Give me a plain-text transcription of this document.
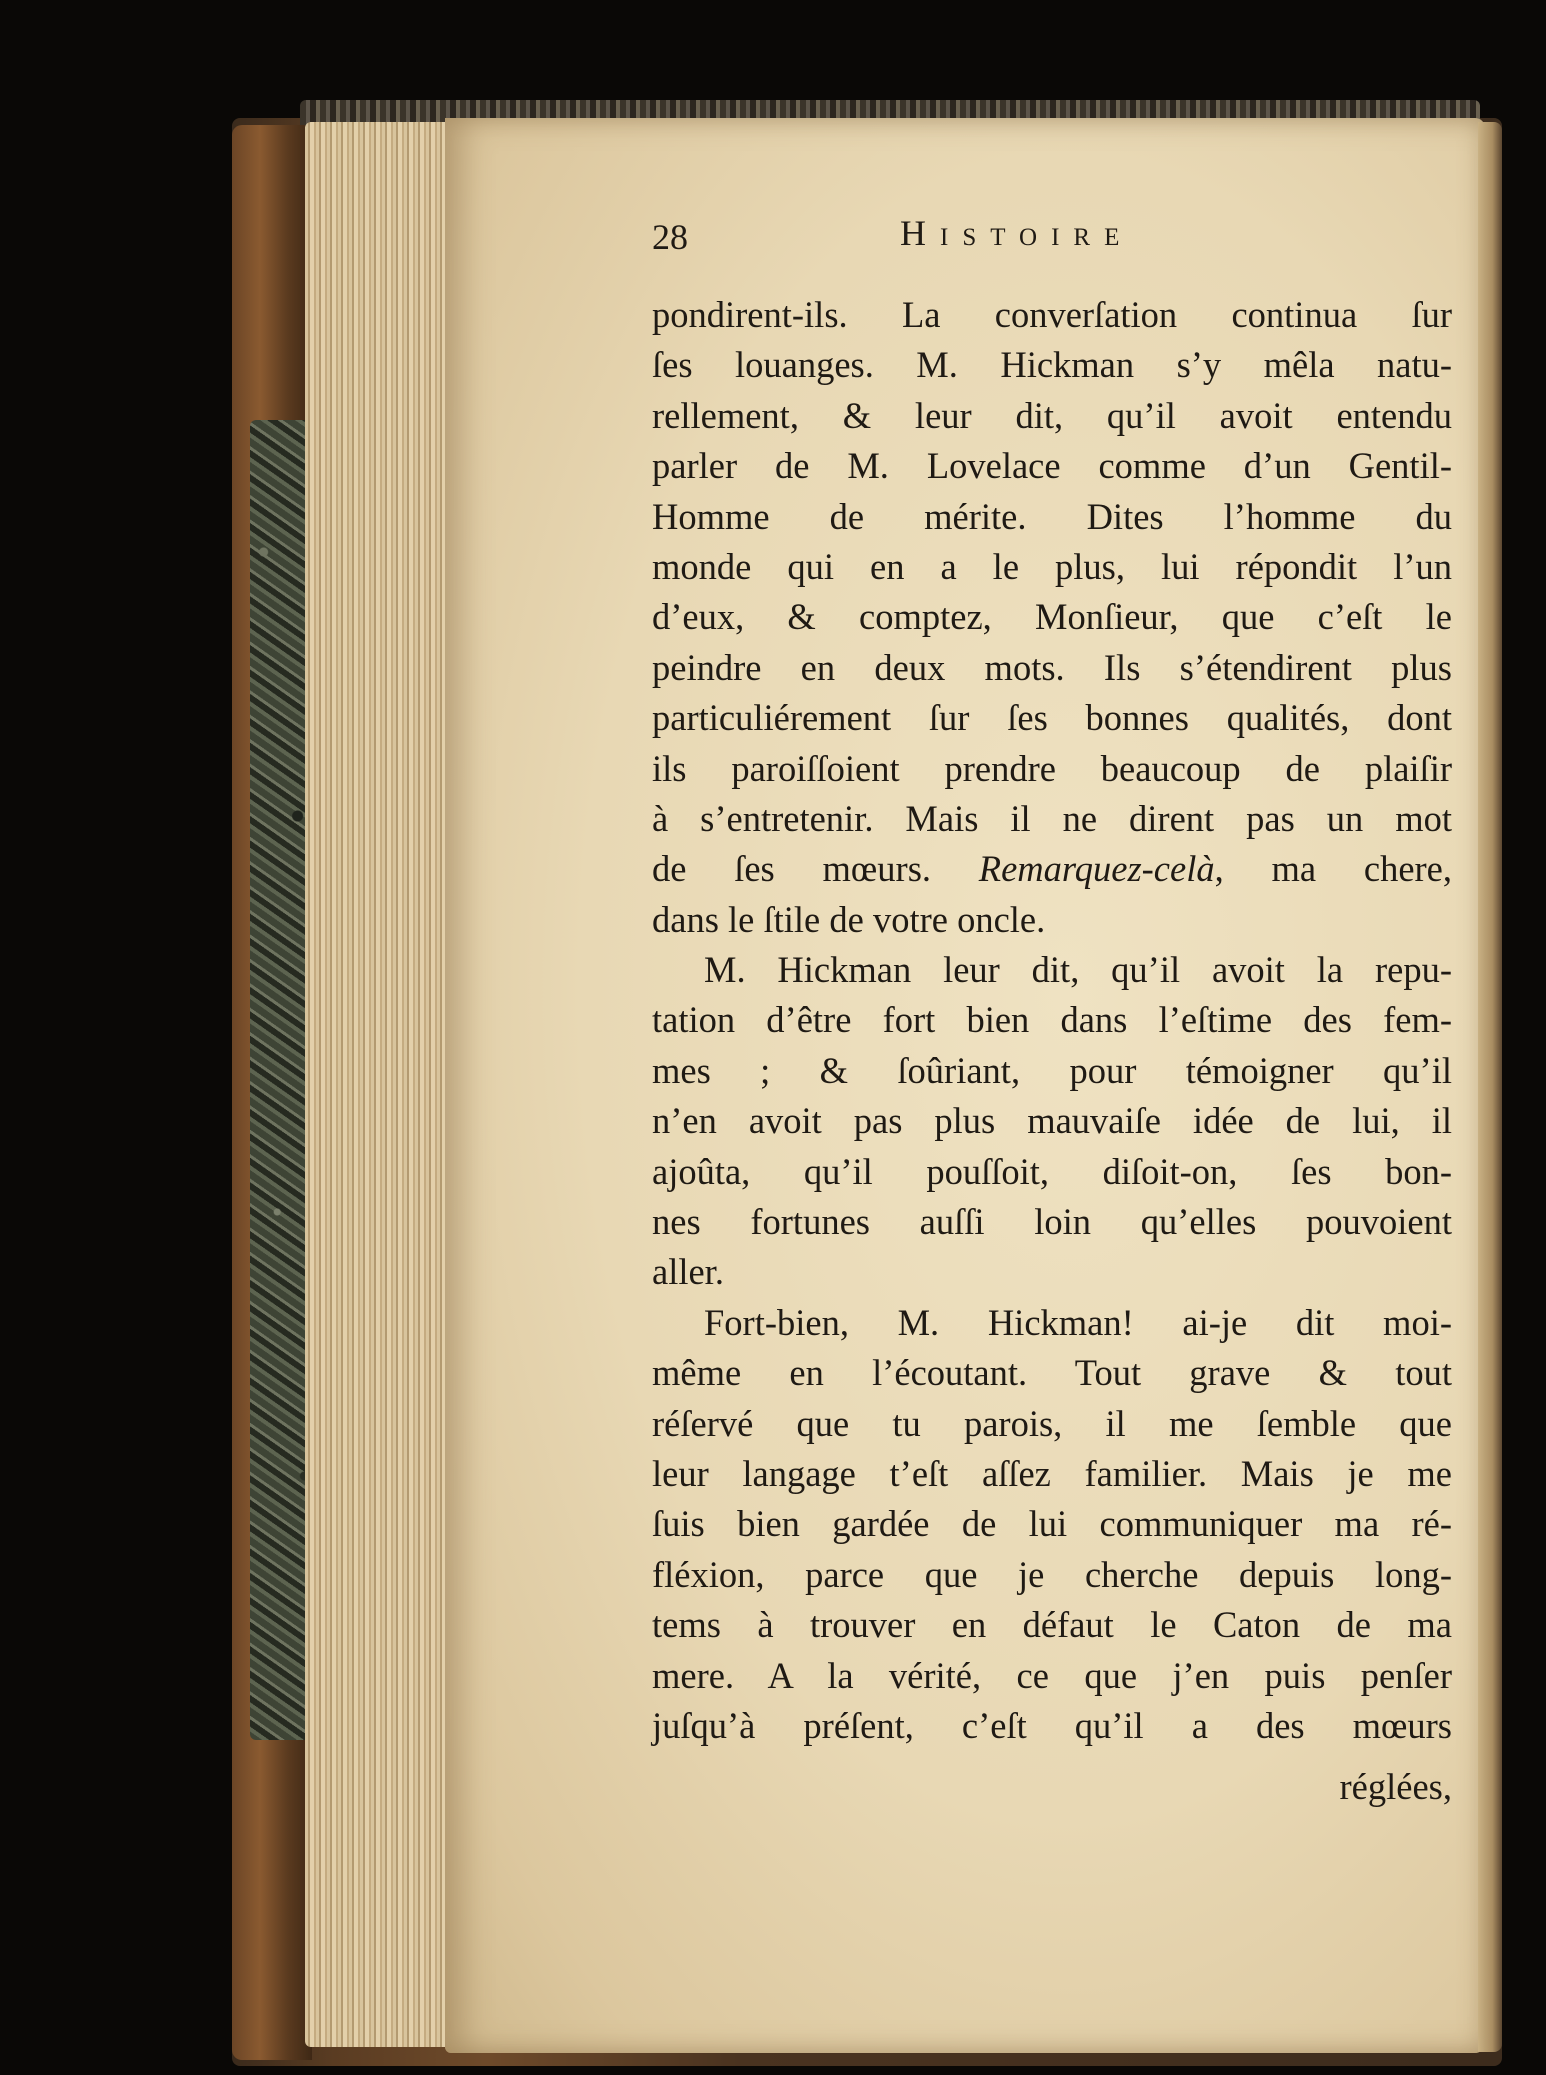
28	Histoire
pondirent-ils. La converſation continua ſur
ſes louanges. M. Hickman s’y mêla natu-
rellement, & leur dit, qu’il avoit entendu
parler de M. Lovelace comme d’un Gentil-
Homme de mérite. Dites l’homme du
monde qui en a le plus, lui répondit l’un
d’eux, & comptez, Monſieur, que c’eſt le
peindre en deux mots. Ils s’étendirent plus
particuliérement ſur ſes bonnes qualités, dont
ils paroiſſoient prendre beaucoup de plaiſir
à s’entretenir. Mais il ne dirent pas un mot
de ſes mœurs. Remarquez-celà, ma chere,
dans le ſtile de votre oncle.
M. Hickman leur dit, qu’il avoit la repu-
tation d’être fort bien dans l’eſtime des fem-
mes ; & ſoûriant, pour témoigner qu’il
n’en avoit pas plus mauvaiſe idée de lui, il
ajoûta, qu’il pouſſoit, diſoit-on, ſes bon-
nes fortunes auſſi loin qu’elles pouvoient
aller.
Fort-bien, M. Hickman! ai-je dit moi-
même en l’écoutant. Tout grave & tout
réſervé que tu parois, il me ſemble que
leur langage t’eſt aſſez familier. Mais je me
ſuis bien gardée de lui communiquer ma ré-
fléxion, parce que je cherche depuis long-
tems à trouver en défaut le Caton de ma
mere. A la vérité, ce que j’en puis penſer
juſqu’à préſent, c’eſt qu’il a des mœurs
réglées,
